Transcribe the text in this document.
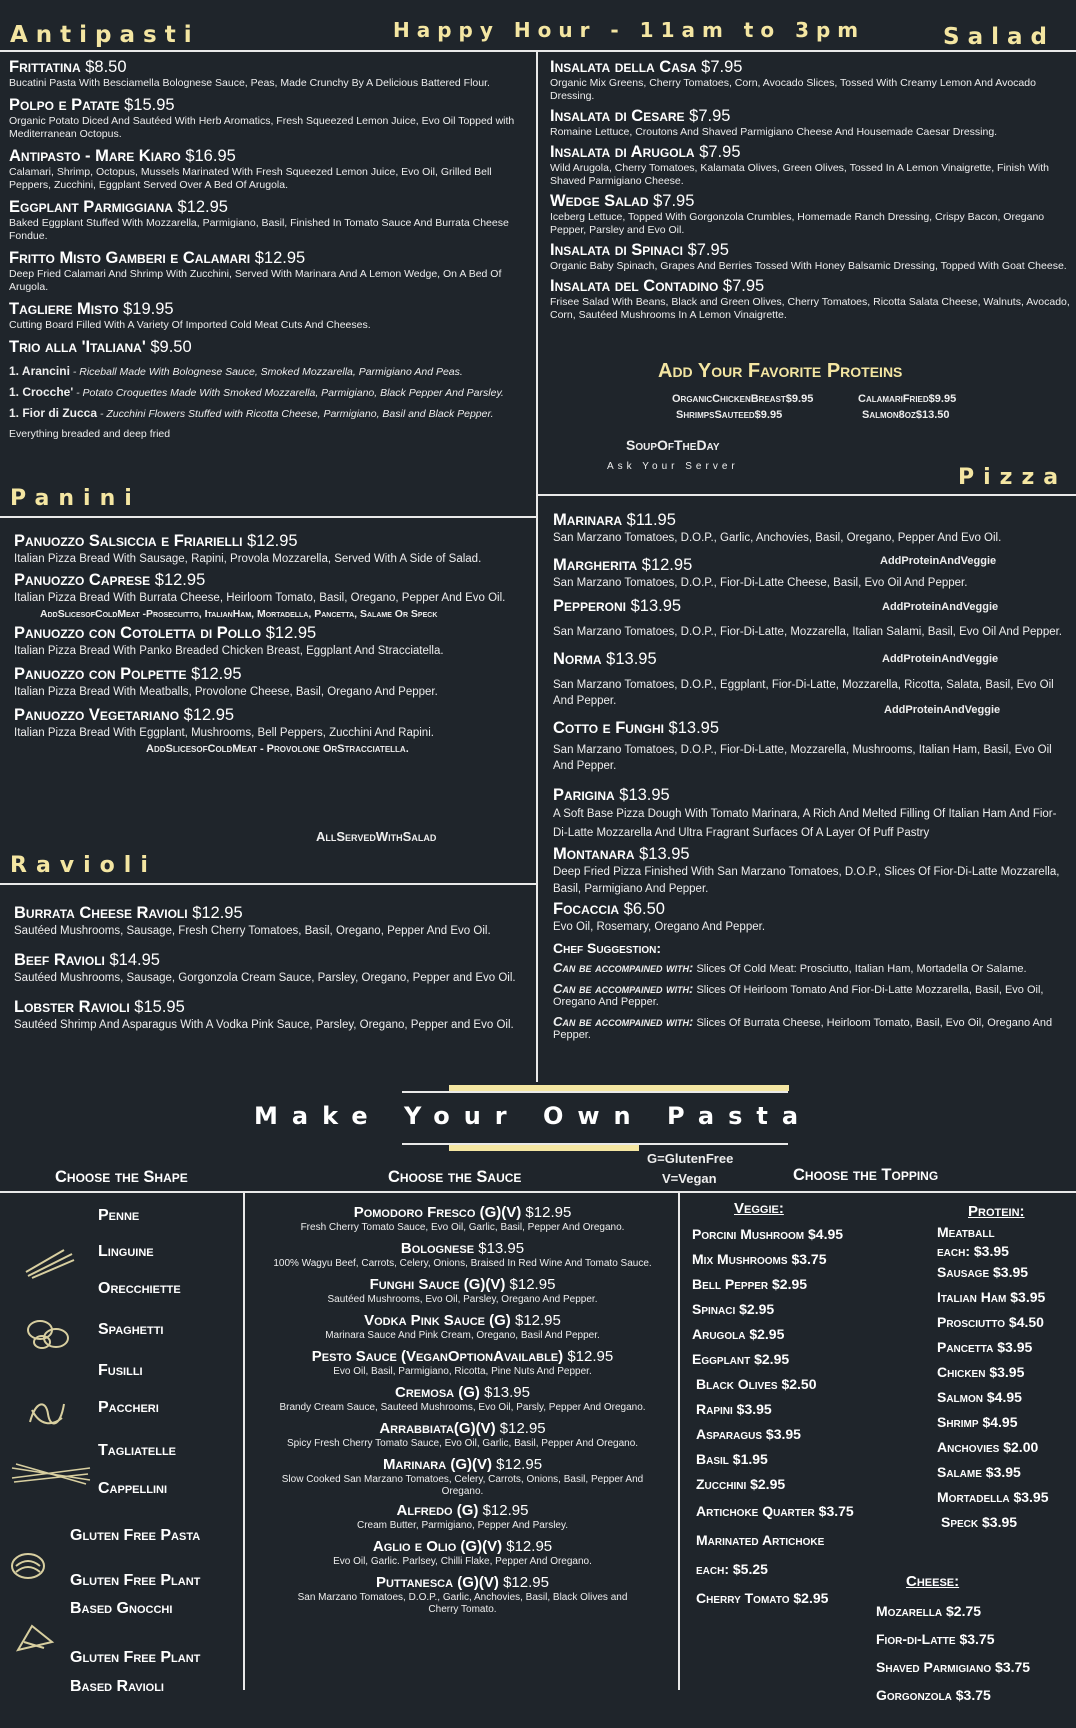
Antipasti	Happy Hour - 11am to 3pm	Salad
Frittatina $8.50
Bucatini Pasta With Besciamella Bolognese Sauce, Peas, Made Crunchy By A Delicious Battered Flour.
Polpo e Patate $15.95
Organic Potato Diced And Sautéed With Herb Aromatics, Fresh Squeezed Lemon Juice, Evo Oil Topped with Mediterranean Octopus.
Antipasto - Mare Kiaro $16.95
Calamari, Shrimp, Octopus, Mussels Marinated With Fresh Squeezed Lemon Juice, Evo Oil, Grilled Bell Peppers, Zucchini, Eggplant Served Over A Bed Of Arugola.
Eggplant Parmiggiana $12.95
Baked Eggplant Stuffed With Mozzarella, Parmigiano, Basil, Finished In Tomato Sauce And Burrata Cheese Fondue.
Fritto Misto Gamberi e Calamari $12.95
Deep Fried Calamari And Shrimp With Zucchini, Served With Marinara And A Lemon Wedge, On A Bed Of Arugola.
Tagliere Misto $19.95
Cutting Board Filled With A Variety Of Imported Cold Meat Cuts And Cheeses.
Trio alla 'Italiana' $9.50
1. Arancini - Riceball Made With Bolognese Sauce, Smoked Mozzarella, Parmigiano And Peas.
1. Crocche' - Potato Croquettes Made With Smoked Mozzarella, Parmigiano, Black Pepper And Parsley.
1. Fior di Zucca - Zucchini Flowers Stuffed with Ricotta Cheese, Parmigiano, Basil and Black Pepper.
Everything breaded and deep fried
Insalata della Casa $7.95
Organic Mix Greens, Cherry Tomatoes, Corn, Avocado Slices, Tossed With Creamy Lemon And Avocado Dressing.
Insalata di Cesare $7.95
Romaine Lettuce, Croutons And Shaved Parmigiano Cheese And Housemade Caesar Dressing.
Insalata di Arugola $7.95
Wild Arugola, Cherry Tomatoes, Kalamata Olives, Green Olives, Tossed In A Lemon Vinaigrette, Finish With Shaved Parmigiano Cheese.
Wedge Salad $7.95
Iceberg Lettuce, Topped With Gorgonzola Crumbles, Homemade Ranch Dressing, Crispy Bacon, Oregano Pepper, Parsley and Evo Oil.
Insalata di Spinaci $7.95
Organic Baby Spinach, Grapes And Berries Tossed With Honey Balsamic Dressing, Topped With Goat Cheese.
Insalata del Contadino $7.95
Frisee Salad With Beans, Black and Green Olives, Cherry Tomatoes, Ricotta Salata Cheese, Walnuts, Avocado, Corn, Sautéed Mushrooms In A Lemon Vinaigrette.
Add Your Favorite Proteins
OrganicChickenBreast$9.95	CalamariFried$9.95
ShrimpsSauteed$9.95	Salmon8oz$13.50
SoupOfTheDay
Ask Your Server
Panini
Pizza
Panuozzo Salsiccia e Friarielli $12.95
Italian Pizza Bread With Sausage, Rapini, Provola Mozzarella, Served With A Side of Salad.
Panuozzo Caprese $12.95
Italian Pizza Bread With Burrata Cheese, Heirloom Tomato, Basil, Oregano, Pepper And Evo Oil.
AddSlicesofColdMeat -Prosecuitto, ItalianHam, Mortadella, Pancetta, Salame Or Speck
Panuozzo con Cotoletta di Pollo $12.95
Italian Pizza Bread With Panko Breaded Chicken Breast, Eggplant And Stracciatella.
Panuozzo con Polpette $12.95
Italian Pizza Bread With Meatballs, Provolone Cheese, Basil, Oregano And Pepper.
Panuozzo Vegetariano $12.95
Italian Pizza Bread With Eggplant, Mushrooms, Bell Peppers, Zucchini And Rapini.
AddSlicesofColdMeat - Provolone OrStracciatella.
AllServedWithSalad
Ravioli
Burrata Cheese Ravioli $12.95
Sautéed Mushrooms, Sausage, Fresh Cherry Tomatoes, Basil, Oregano, Pepper And Evo Oil.
Beef Ravioli $14.95
Sautéed Mushrooms, Sausage, Gorgonzola Cream Sauce, Parsley, Oregano, Pepper and Evo Oil.
Lobster Ravioli $15.95
Sautéed Shrimp And Asparagus With A Vodka Pink Sauce, Parsley, Oregano, Pepper and Evo Oil.
Marinara $11.95
San Marzano Tomatoes, D.O.P., Garlic, Anchovies, Basil, Oregano, Pepper And Evo Oil.
Margherita $12.95
San Marzano Tomatoes, D.O.P., Fior-Di-Latte Cheese, Basil, Evo Oil And Pepper.
Pepperoni $13.95
San Marzano Tomatoes, D.O.P., Fior-Di-Latte, Mozzarella, Italian Salami, Basil, Evo Oil And Pepper.
Norma $13.95
San Marzano Tomatoes, D.O.P., Eggplant, Fior-Di-Latte, Mozzarella, Ricotta, Salata, Basil, Evo Oil And Pepper.
Cotto e Funghi $13.95
San Marzano Tomatoes, D.O.P., Fior-Di-Latte, Mozzarella, Mushrooms, Italian Ham, Basil, Evo Oil And Pepper.
Parigina $13.95
A Soft Base Pizza Dough With Tomato Marinara, A Rich And Melted Filling Of Italian Ham And Fior-Di-Latte Mozzarella And Ultra Fragrant Surfaces Of A Layer Of Puff Pastry
Montanara $13.95
Deep Fried Pizza Finished With San Marzano Tomatoes, D.O.P., Slices Of Fior-Di-Latte Mozzarella, Basil, Parmigiano And Pepper.
Focaccia $6.50
Evo Oil, Rosemary, Oregano And Pepper.
Chef Suggestion:
Can be accompained with: Slices Of Cold Meat: Prosciutto, Italian Ham, Mortadella Or Salame.
Can be accompained with: Slices Of Heirloom Tomato And Fior-Di-Latte Mozzarella, Basil, Evo Oil, Oregano And Pepper.
Can be accompained with: Slices Of Burrata Cheese, Heirloom Tomato, Basil, Evo Oil, Oregano And Pepper.
AddProteinAndVeggie
AddProteinAndVeggie
AddProteinAndVeggie
AddProteinAndVeggie
Make Your Own Pasta
G=GlutenFree
V=Vegan
Choose the Shape	Choose the Sauce	Choose the Topping
Penne
Linguine
Orecchiette
Spaghetti
Fusilli
Paccheri
Tagliatelle
Cappellini
Gluten Free Pasta
Gluten Free Plant
Based Gnocchi
Gluten Free Plant
Based Ravioli
Pomodoro Fresco (G)(V) $12.95
Fresh Cherry Tomato Sauce, Evo Oil, Garlic, Basil, Pepper And Oregano.
Bolognese $13.95
100% Wagyu Beef, Carrots, Celery, Onions, Braised In Red Wine And Tomato Sauce.
Funghi Sauce (G)(V) $12.95
Sautéed Mushrooms, Evo Oil, Parsley, Oregano And Pepper.
Vodka Pink Sauce (G) $12.95
Marinara Sauce And Pink Cream, Oregano, Basil And Pepper.
Pesto Sauce (VeganOptionAvailable) $12.95
Evo Oil, Basil, Parmigiano, Ricotta, Pine Nuts And Pepper.
Cremosa (G) $13.95
Brandy Cream Sauce, Sauteed Mushrooms, Evo Oil, Parsly, Pepper And Oregano.
Arrabbiata(G)(V) $12.95
Spicy Fresh Cherry Tomato Sauce, Evo Oil, Garlic, Basil, Pepper And Oregano.
Marinara (G)(V) $12.95
Slow Cooked San Marzano Tomatoes, Celery, Carrots, Onions, Basil, Pepper And Oregano.
Alfredo (G) $12.95
Cream Butter, Parmigiano, Pepper And Parsley.
Aglio e Olio (G)(V) $12.95
Evo Oil, Garlic. Parlsey, Chilli Flake, Pepper And Oregano.
Puttanesca (G)(V) $12.95
San Marzano Tomatoes, D.O.P., Garlic, Anchovies, Basil, Black Olives and Cherry Tomato.
Veggie:
Porcini Mushroom $4.95
Mix Mushrooms $3.75
Bell Pepper $2.95
Spinaci $2.95
Arugola $2.95
Eggplant $2.95
Black Olives $2.50
Rapini $3.95
Asparagus $3.95
Basil $1.95
Zucchini $2.95
Artichoke Quarter $3.75
Marinated Artichoke
each: $5.25
Cherry Tomato $2.95
Protein:
Meatball
each: $3.95
Sausage $3.95
Italian Ham $3.95
Prosciutto $4.50
Pancetta $3.95
Chicken $3.95
Salmon $4.95
Shrimp $4.95
Anchovies $2.00
Salame $3.95
Mortadella $3.95
Speck $3.95
Cheese:
Mozarella $2.75
Fior-di-Latte $3.75
Shaved Parmigiano $3.75
Gorgonzola $3.75
